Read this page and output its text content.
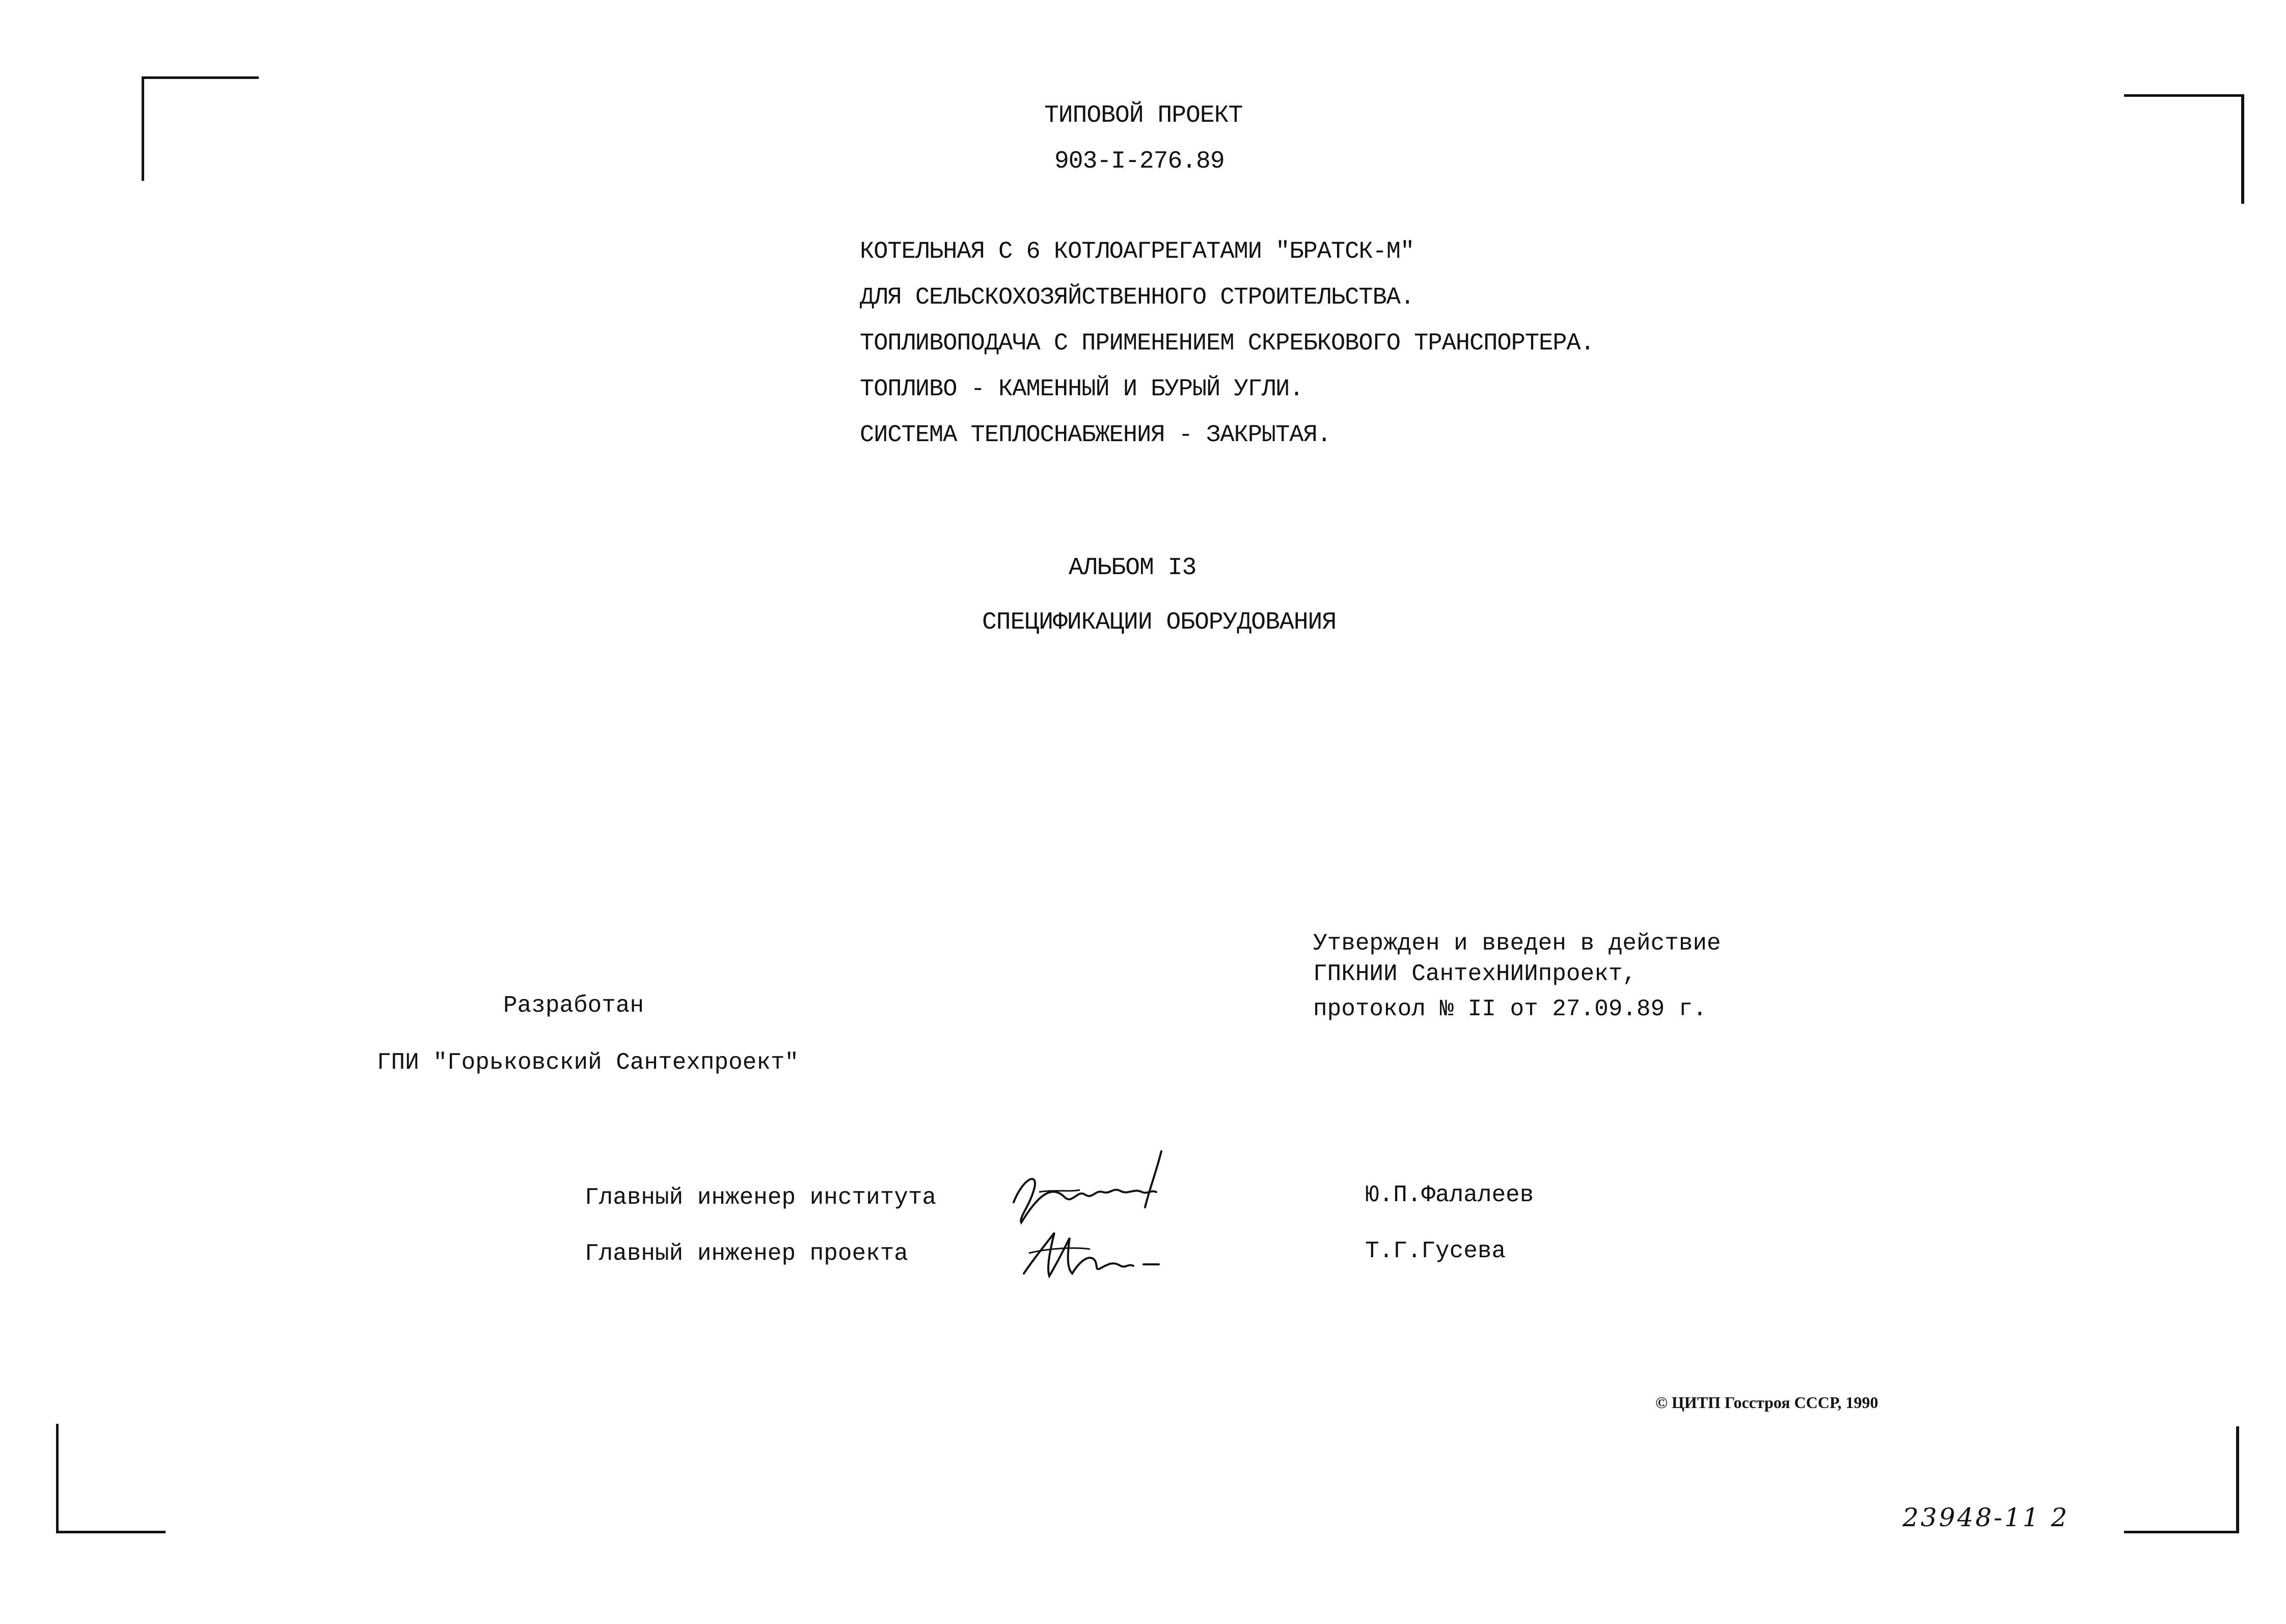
ТИПОВОЙ ПРОЕКТ
903-I-276.89
КОТЕЛЬНАЯ С 6 КОТЛОАГРЕГАТАМИ "БРАТСК-М"
ДЛЯ СЕЛЬСКОХОЗЯЙСТВЕННОГО СТРОИТЕЛЬСТВА.
ТОПЛИВОПОДАЧА С ПРИМЕНЕНИЕМ СКРЕБКОВОГО ТРАНСПОРТЕРА.
ТОПЛИВО - КАМЕННЫЙ И БУРЫЙ УГЛИ.
СИСТЕМА ТЕПЛОСНАБЖЕНИЯ - ЗАКРЫТАЯ.
АЛЬБОМ I3
СПЕЦИФИКАЦИИ ОБОРУДОВАНИЯ
Утвержден и введен в действие
ГПКНИИ СантехНИИпроект,
протокол № II от 27.09.89 г.
Разработан
ГПИ "Горьковский Сантехпроект"
Главный инженер института
Главный инженер проекта
Ю.П.Фалалеев
Т.Г.Гусева
© ЦИТП Госстроя СССР, 1990
23948-11 2
